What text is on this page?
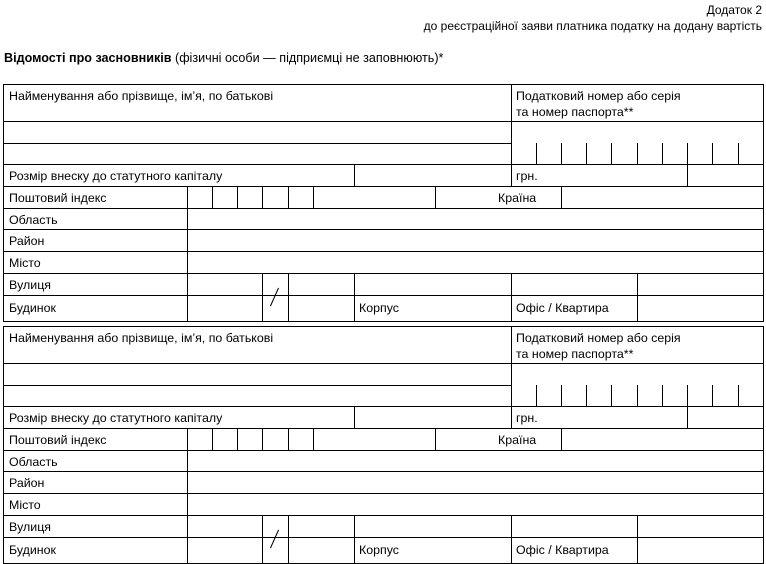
Додаток 2
до реєстраційної заяви платника податку на додану вартість
Відомості про засновників (фізичні особи — підприємці не заповнюють)*
Найменування або прізвище, ім’я, по батькові	Податковий номер або серія
та номер паспорта**
Розмір внеску до статутного капіталу	грн.
Поштовий індекс	Країна
Область
Район
Місто
Вулиця
Будинок	Корпус	Офіс / Квартира
Найменування або прізвище, ім’я, по батькові	Податковий номер або серія
та номер паспорта**
Розмір внеску до статутного капіталу	грн.
Поштовий індекс	Країна
Область
Район
Місто
Вулиця
Будинок	Корпус	Офіс / Квартира
